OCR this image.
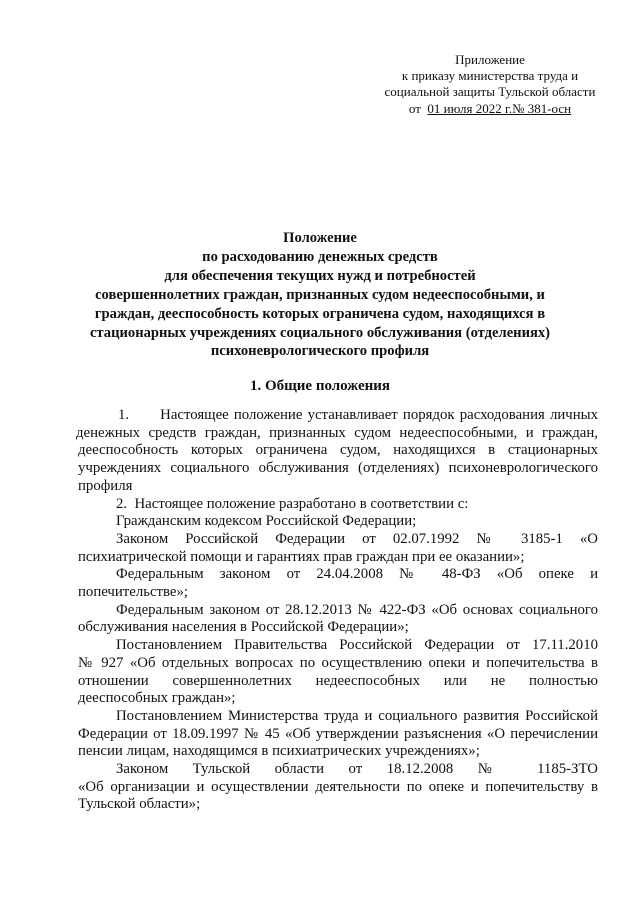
Приложение
к приказу министерства труда и
социальной защиты Тульской области
от 01 июля 2022 г.№ 381-осн
Положение
по расходованию денежных средств
для обеспечения текущих нужд и потребностей
совершеннолетних граждан, признанных судом недееспособными, и
граждан, дееспособность которых ограничена судом, находящихся в
стационарных учреждениях социального обслуживания (отделениях)
психоневрологического профиля
1. Общие положения
1.      Настоящее положение устанавливает порядок расходования личных
денежных средств граждан, признанных судом недееспособными, и граждан,
дееспособность которых ограничена судом, находящихся в стационарных
учреждениях социального обслуживания (отделениях) психоневрологического
профиля
2.  Настоящее положение разработано в соответствии с:
Гражданским кодексом Российской Федерации;
Законом Российской Федерации от 02.07.1992 № 3185-1 «О
психиатрической помощи и гарантиях прав граждан при ее оказании»;
Федеральным законом от 24.04.2008 № 48-ФЗ «Об опеке и
попечительстве»;
Федеральным законом от 28.12.2013 № 422-ФЗ «Об основах социального
обслуживания населения в Российской Федерации»;
Постановлением Правительства Российской Федерации от 17.11.2010
№ 927 «Об отдельных вопросах по осуществлению опеки и попечительства в
отношении совершеннолетних недееспособных или не полностью
дееспособных граждан»;
Постановлением Министерства труда и социального развития Российской
Федерации от 18.09.1997 № 45 «Об утверждении разъяснения «О перечислении
пенсии лицам, находящимся в психиатрических учреждениях»;
Законом Тульской области от 18.12.2008 № 1185-ЗТО
«Об организации и осуществлении деятельности по опеке и попечительству в
Тульской области»;
